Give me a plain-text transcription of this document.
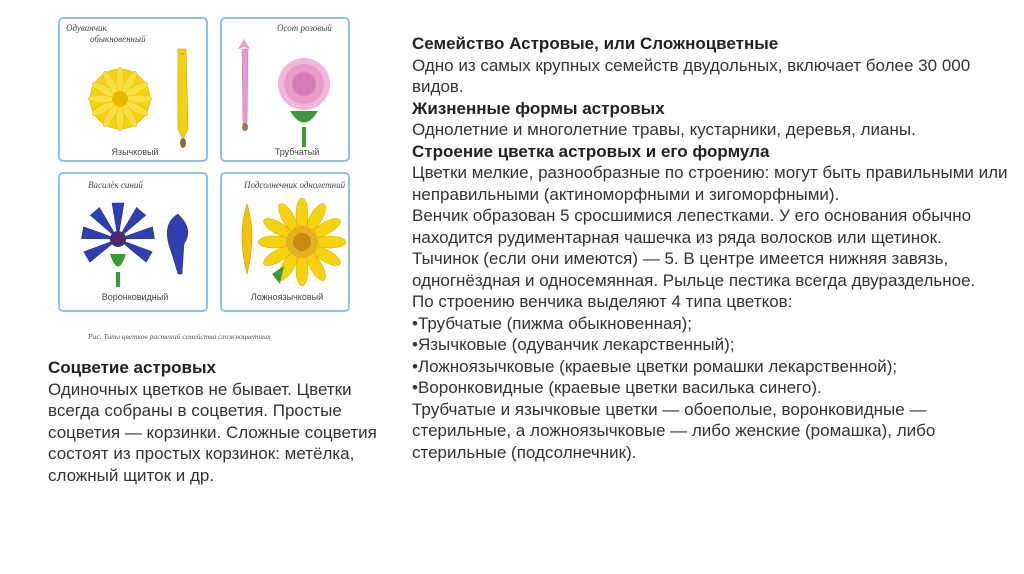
Одуванчик
обыкновенный
Язычковый
Осот розовый
Трубчатый
Василёк синий
Воронковидный
Подсолнечник однолетний
Ложноязычковый
Рис. Типы цветков растений семейства сложноцветных
Соцветие астровых
Одиночных цветков не бывает. Цветки всегда собраны в соцветия. Простые соцветия — корзинки. Сложные соцветия состоят из простых корзинок: метёлка, сложный щиток и др.
Семейство Астровые, или Сложноцветные
Одно из самых крупных семейств двудольных, включает более 30 000 видов.
Жизненные формы астровых
Однолетние и многолетние травы, кустарники, деревья, лианы.
Строение цветка астровых и его формула
Цветки мелкие, разнообразные по строению: могут быть правильными или неправильными (актиноморфными и зигоморфными).
Венчик образован 5 сросшимися лепестками. У его основания обычно находится рудиментарная чашечка из ряда волосков или щетинок. Тычинок (если они имеются) — 5. В центре имеется нижняя завязь, одногнёздная и односемянная. Рыльце пестика всегда двураздельное.
По строению венчика выделяют 4 типа цветков:
•Трубчатые (пижма обыкновенная);
•Язычковые (одуванчик лекарственный);
•Ложноязычковые (краевые цветки ромашки лекарственной);
•Воронковидные (краевые цветки василька синего).
Трубчатые и язычковые цветки — обоеполые, воронковидные — стерильные, а ложноязычковые — либо женские (ромашка), либо стерильные (подсолнечник).
